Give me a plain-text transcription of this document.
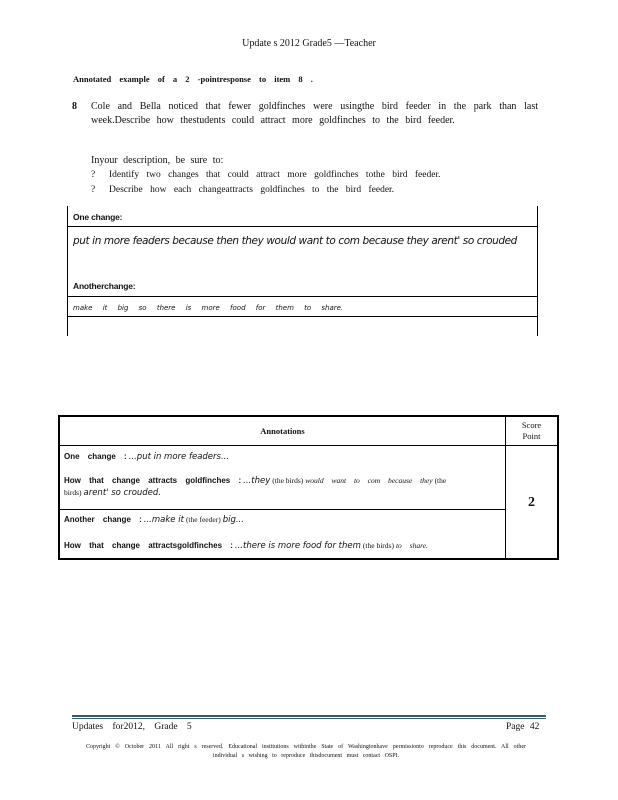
Update s 2012 Grade5 —Teacher
Annotated example of a 2 -pointresponse to item 8 .
8 Cole and Bella noticed that fewer goldfinches were usingthe bird feeder in the park than last week.Describe how thestudents could attract more goldfinches to the bird feeder.
Inyour description, be sure to:
? Identify two changes that could attract more goldfinches tothe bird feeder.
? Describe how each changeattracts goldfinches to the bird feeder.
One change:
put in more feaders because then they would want to com because they arent' so crouded
Anotherchange:
make it big so there is more food for them to share.
Annotations
Score
Point
One change : ...put in more feaders...
How that change attracts goldfinches : ...they (the birds) would want to com because they (the
birds) arent' so crouded.
Another change : ...make it (the feeder) big...
How that change attractsgoldfinches : ...there is more food for them (the birds) to share.
2
Updates for2012, Grade 5	Page 42
Copyright © October 2011 All right s reserved. Educational institutions withinthe State of Washingtonhave permissionto reproduce this document. All other individual s wishing to reproduce thisdocument must contact OSPI.
